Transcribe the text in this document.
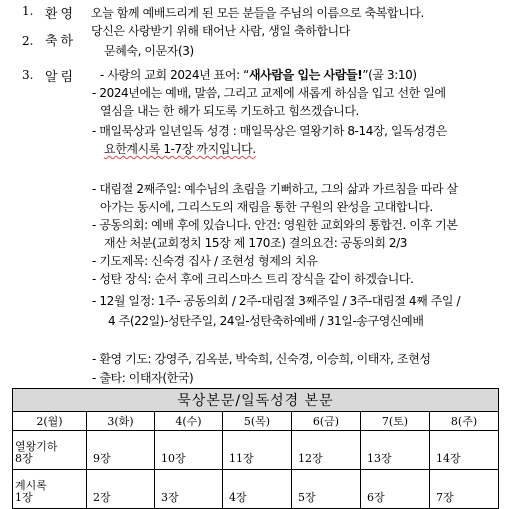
1. 환영 오늘 함께 예배드리게 된 모든 분들을 주님의 이름으로 축복합니다.
2. 축하
당신은 사랑받기 위해 태어난 사람, 생일 축하합니다
문혜숙, 이문자(3)
3. 알림 - 사랑의 교회 2024년 표어: “새사람을 입는 사람들!”(골 3:10)
- 2024년에는 예배, 말씀, 그리고 교제에 새롭게 하심을 입고 선한 일에
열심을 내는 한 해가 되도록 기도하고 힘쓰겠습니다.
- 매일묵상과 일년일독 성경 : 매일묵상은 열왕기하 8-14장, 일독성경은
요한계시록 1-7장 까지입니다.
- 대림절 2째주일: 예수님의 초림을 기뻐하고, 그의 삶과 가르침을 따라 살
아가는 동시에, 그리스도의 재림을 통한 구원의 완성을 고대합니다.
- 공동의회: 예배 후에 있습니다. 안건: 영원한 교회와의 통합건. 이후 기본
재산 처분(교회정치 15장 제 170조) 결의요건: 공동의회 2/3
- 기도제목: 신숙경 집사 / 조현성 형제의 치유
- 성탄 장식: 순서 후에 크리스마스 트리 장식을 같이 하겠습니다.
- 12월 일정: 1주- 공동의회 / 2주-대림절 3째주일 / 3주-대림절 4째 주일 /
4 주(22일)-성탄주일, 24일-성탄축하예배 / 31일-송구영신예배
- 환영 기도: 강영주, 김옥분, 박숙희, 신숙경, 이승희, 이태자, 조현성
- 출타: 이태자(한국)
묵상본문/일독성경 본문						
2(월)	3(화)	4(수)	5(목)	6(금)	7(토)	8(주)
열왕기하
8장	9장	10장	11장	12장	13장	14장
계시록
1장	2장	3장	4장	5장	6장	7장
